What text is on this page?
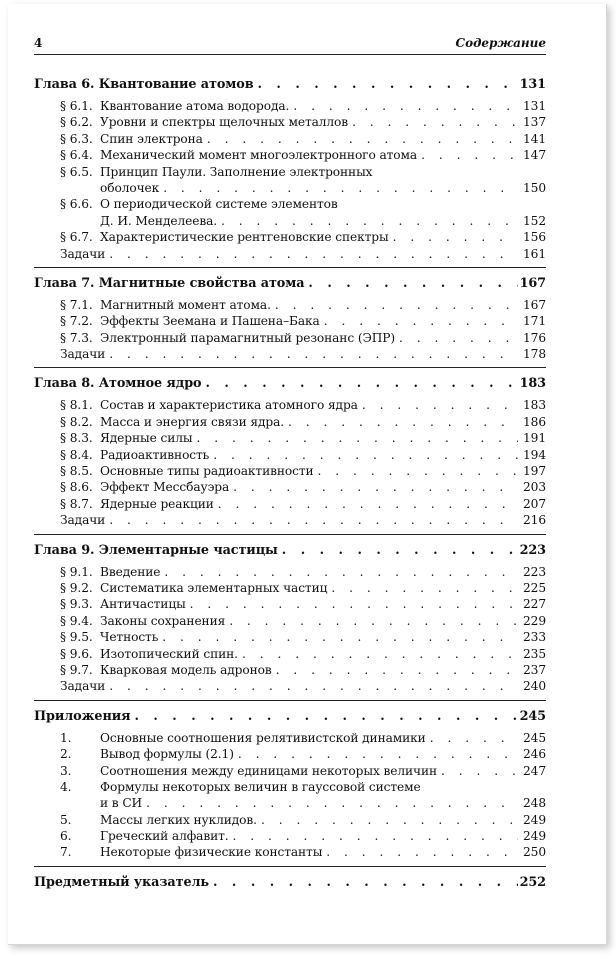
4	Содержание
Глава 6. Квантование атомов . . .	131
§ 6.1. Квантование атома водорода. . . .	131
§ 6.2. Уровни и спектры щелочных металлов . . .	137
§ 6.3. Спин электрона . . .	141
§ 6.4. Механический момент многоэлектронного атома . . .	147
§ 6.5. Принцип Паули. Заполнение электронных
оболочек . . .	150
§ 6.6. О периодической системе элементов
Д. И. Менделеева. . . .	152
§ 6.7. Характеристические рентгеновские спектры . . .	156
Задачи . . .	161
Глава 7. Магнитные свойства атома . . .	167
§ 7.1. Магнитный момент атома. . . .	167
§ 7.2. Эффекты Зеемана и Пашена–Бака . . .	171
§ 7.3. Электронный парамагнитный резонанс (ЭПР) . . .	176
Задачи . . .	178
Глава 8. Атомное ядро . . .	183
§ 8.1. Состав и характеристика атомного ядра . . .	183
§ 8.2. Масса и энергия связи ядра. . . .	186
§ 8.3. Ядерные силы . . .	191
§ 8.4. Радиоактивность . . .	194
§ 8.5. Основные типы радиоактивности . . .	197
§ 8.6. Эффект Мессбауэра . . .	203
§ 8.7. Ядерные реакции . . .	207
Задачи . . .	216
Глава 9. Элементарные частицы . . .	223
§ 9.1. Введение . . .	223
§ 9.2. Систематика элементарных частиц . . .	225
§ 9.3. Античастицы . . .	227
§ 9.4. Законы сохранения . . .	229
§ 9.5. Четность . . .	233
§ 9.6. Изотопический спин. . . .	235
§ 9.7. Кварковая модель адронов . . .	237
Задачи . . .	240
Приложения . . .	245
1.	Основные соотношения релятивистской динамики . . .	245
2.	Вывод формулы (2.1) . . .	246
3.	Соотношения между единицами некоторых величин . . .	247
4.	Формулы некоторых величин в гауссовой системе
и в СИ . . .	248
5.	Массы легких нуклидов. . . .	249
6.	Греческий алфавит. . . .	249
7.	Некоторые физические константы . . .	250
Предметный указатель . . .	252
